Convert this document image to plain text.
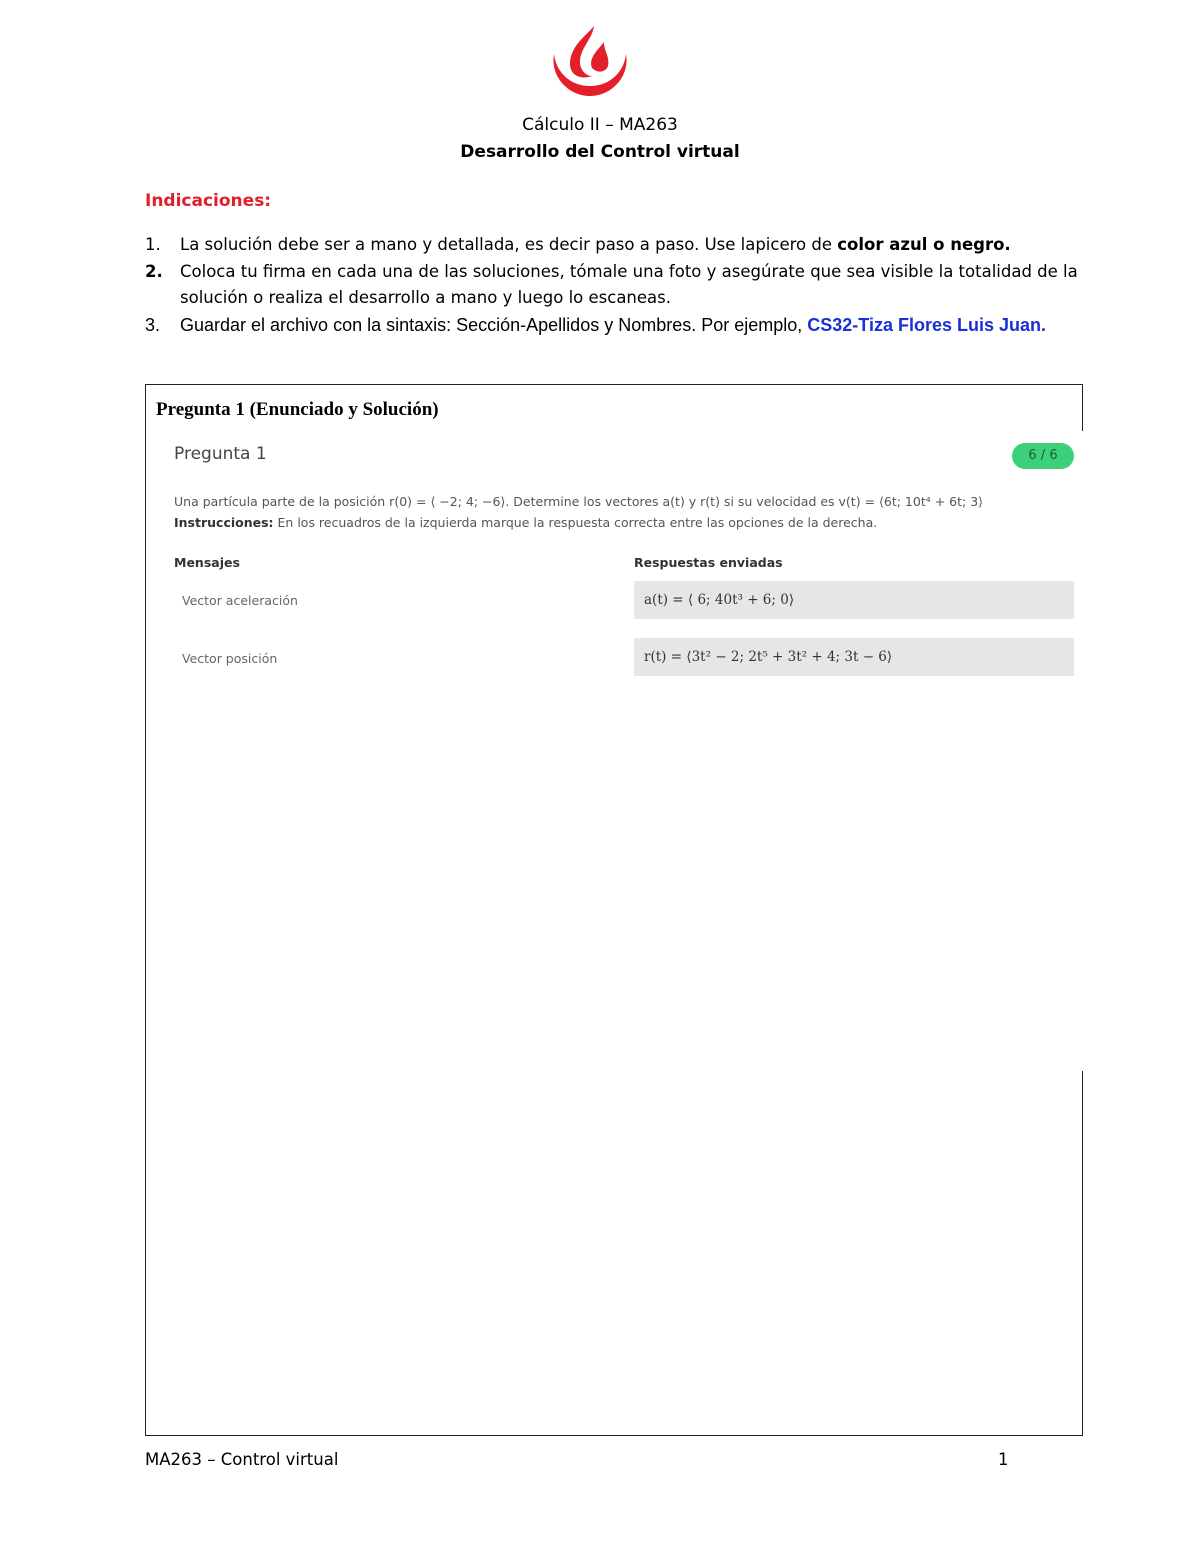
Cálculo II – MA263
Desarrollo del Control virtual
Indicaciones:
1. La solución debe ser a mano y detallada, es decir paso a paso. Use lapicero de color azul o negro.
2. Coloca tu firma en cada una de las soluciones, tómale una foto y asegúrate que sea visible la totalidad de la solución o realiza el desarrollo a mano y luego lo escaneas.
3. Guardar el archivo con la sintaxis: Sección-Apellidos y Nombres. Por ejemplo, CS32-Tiza Flores Luis Juan.
Pregunta 1 (Enunciado y Solución)
Pregunta 1	6 / 6
Una partícula parte de la posición r(0) = ⟨ −2; 4; −6⟩. Determine los vectores a(t) y r(t) si su velocidad es v(t) = ⟨6t; 10t⁴ + 6t; 3⟩
Instrucciones: En los recuadros de la izquierda marque la respuesta correcta entre las opciones de la derecha.
Mensajes	Respuestas enviadas
Vector aceleración	a(t) = ⟨ 6; 40t³ + 6; 0⟩
Vector posición	r(t) = ⟨3t² − 2; 2t⁵ + 3t² + 4; 3t − 6⟩
MA263 – Control virtual	1
